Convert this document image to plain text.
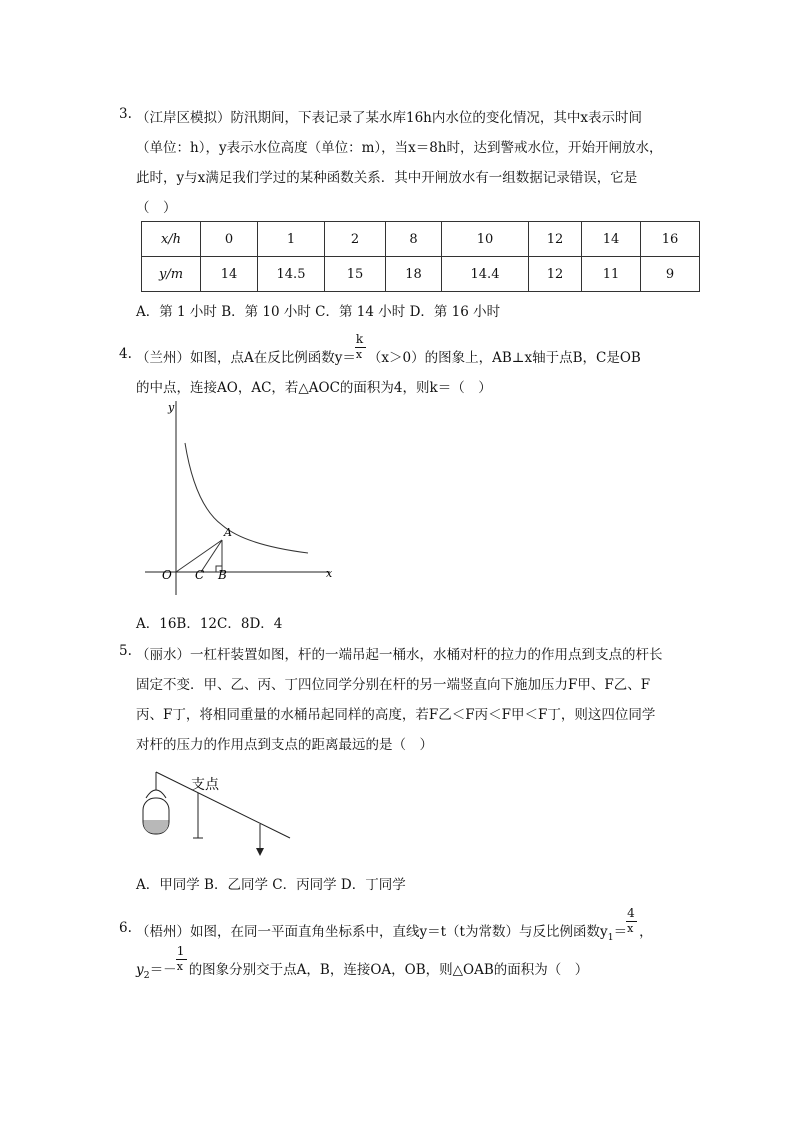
3. （江岸区模拟）防汛期间，下表记录了某水库16h内水位的变化情况，其中x表示时间
（单位：h），y表示水位高度（单位：m），当x＝8h时，达到警戒水位，开始开闸放水，
此时，y与x满足我们学过的某种函数关系．其中开闸放水有一组数据记录错误，它是
（　）
x/h	0	1	2	8	10	12	14	16
y/m	14	14.5	15	18	14.4	12	11	9
A．第 1 小时 B．第 10 小时 C．第 14 小时 D．第 16 小时
4. （兰州）如图，点A在反比例函数$y= \frac{k}{x} (x>0)$的图象上，AB⊥x轴于点B，C是OB
的中点，连接AO，AC，若△AOC的面积为4，则k＝（　）
y
x
O C B
A
A．16B．12C．8D．4
5. （丽水）一杠杆装置如图，杆的一端吊起一桶水，水桶对杆的拉力的作用点到支点的杆长
固定不变．甲、乙、丙、丁四位同学分别在杆的另一端竖直向下施加压力F甲、F乙、F
丙、F丁，将相同重量的水桶吊起同样的高度，若F乙＜F丙＜F甲＜F丁，则这四位同学
对杆的压力的作用点到支点的距离最远的是（　）
支点
A．甲同学 B．乙同学 C．丙同学 D．丁同学
6. （梧州）如图，在同一平面直角坐标系中，直线y＝t（t为常数）与反比例函数$y_1= \frac{4}{x}$ ，
$y_2=- \frac{1}{x}$ 的图象分别交于点A，B，连接OA，OB，则△OAB的面积为（　）
